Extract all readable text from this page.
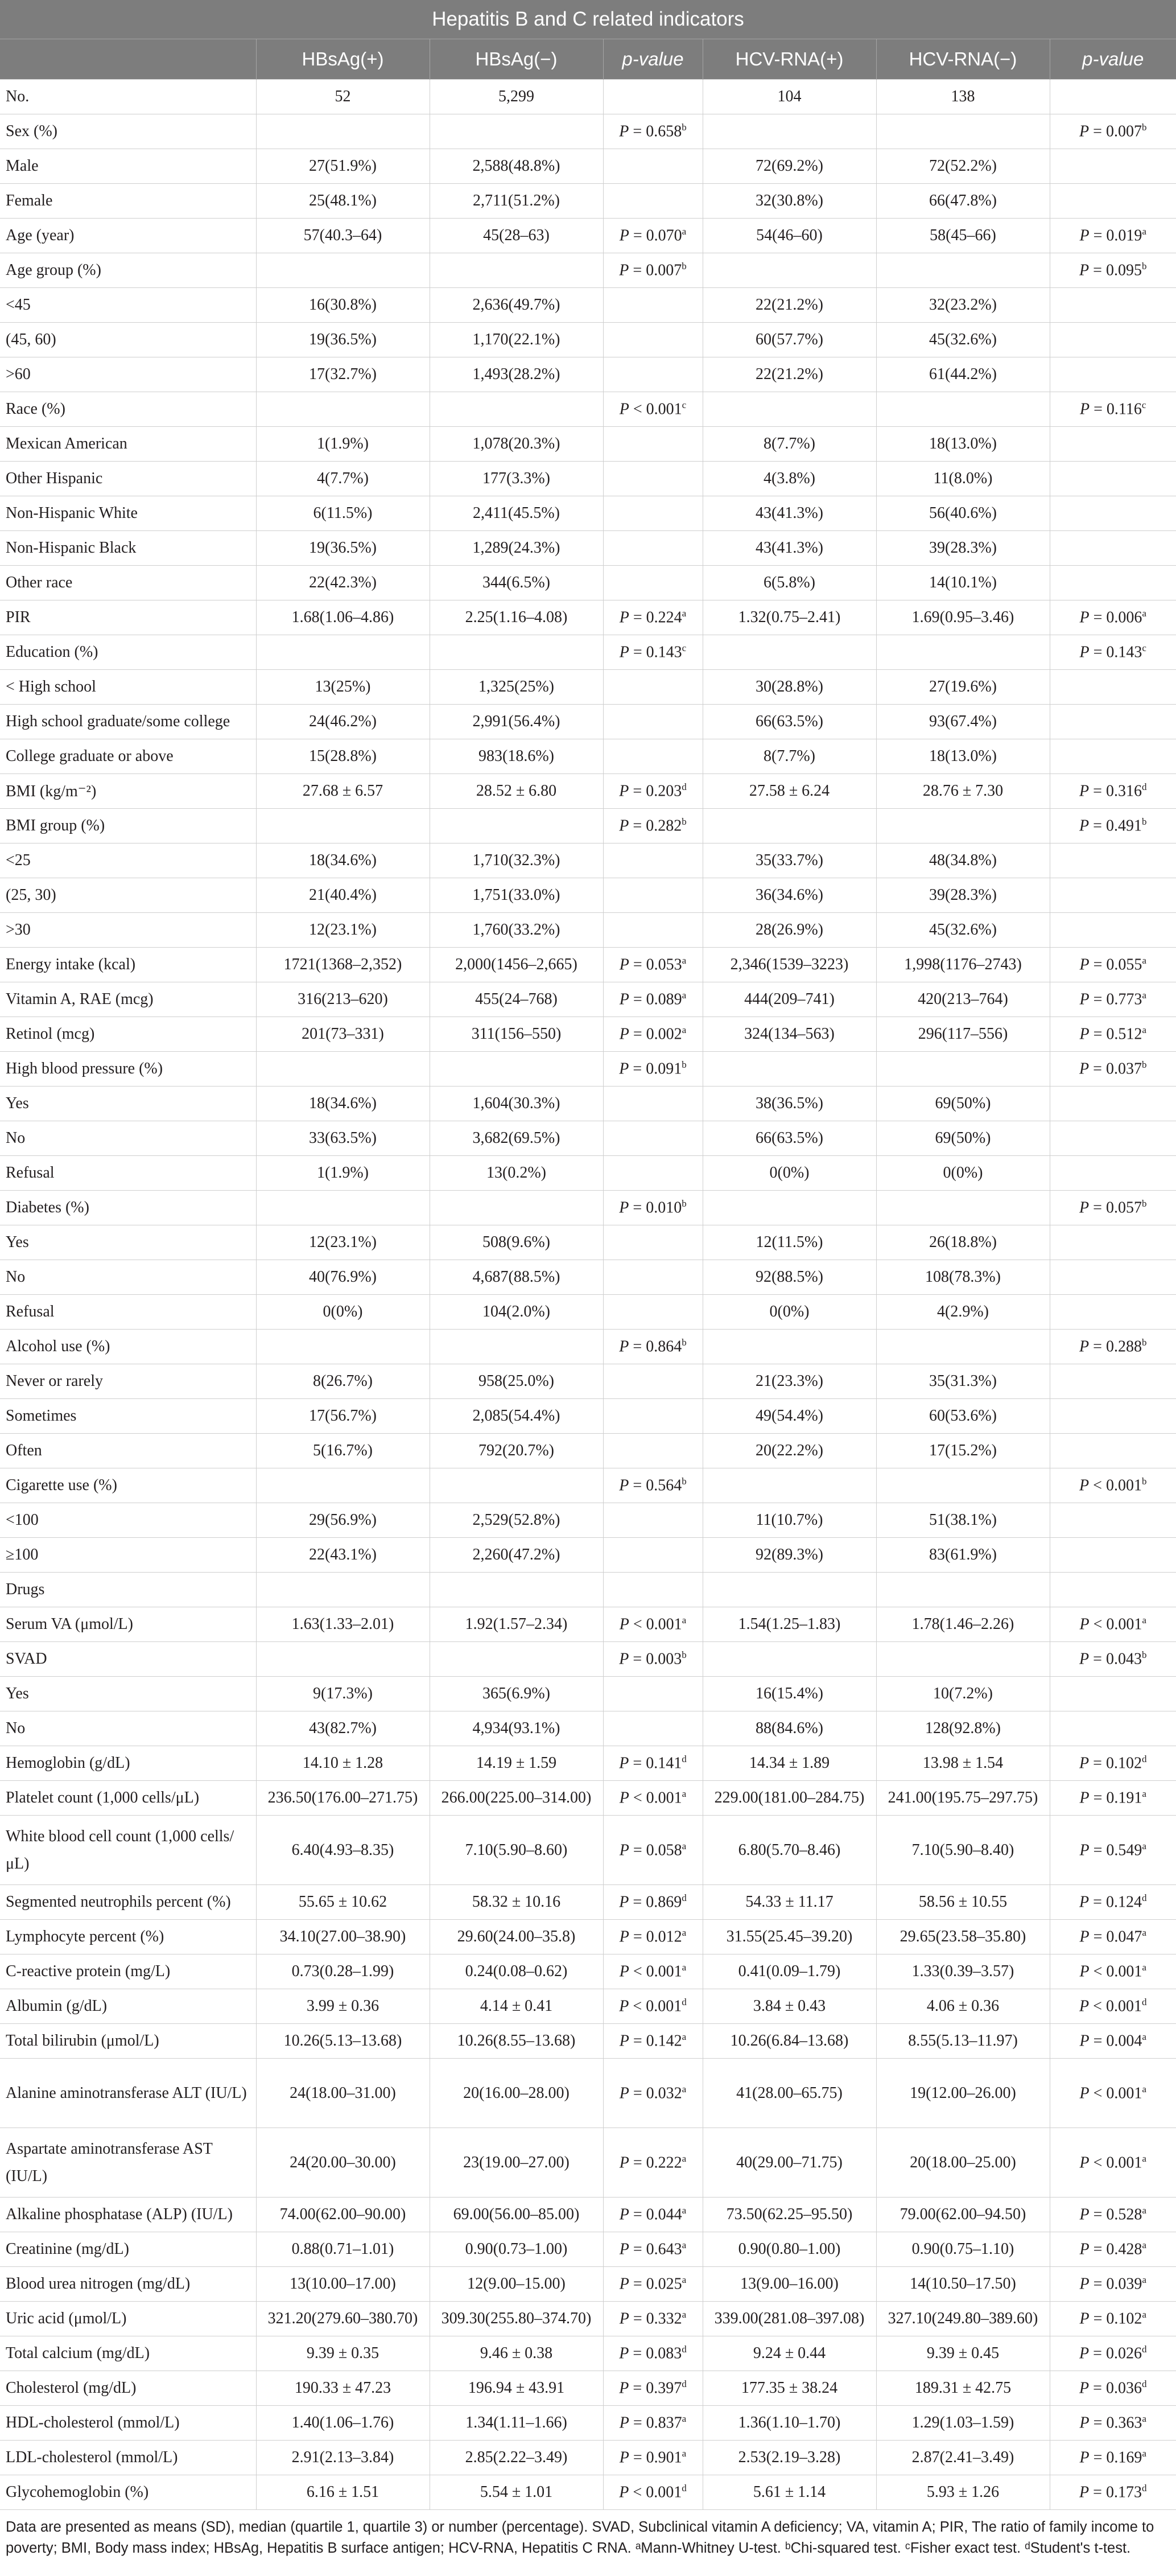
Hepatitis B and C related indicators						
	HBsAg(+)	HBsAg(−)	p-value	HCV-RNA(+)	HCV-RNA(−)	p-value
No.	52	5,299		104	138	
Sex (%)			P = 0.658$^b$			P = 0.007$^b$
Male	27(51.9%)	2,588(48.8%)		72(69.2%)	72(52.2%)	
Female	25(48.1%)	2,711(51.2%)		32(30.8%)	66(47.8%)	
Age (year)	57(40.3–64)	45(28–63)	P = 0.070$^a$	54(46–60)	58(45–66)	P = 0.019$^a$
Age group (%)			P = 0.007$^b$			P = 0.095$^b$
<45	16(30.8%)	2,636(49.7%)		22(21.2%)	32(23.2%)	
(45, 60)	19(36.5%)	1,170(22.1%)		60(57.7%)	45(32.6%)	
>60	17(32.7%)	1,493(28.2%)		22(21.2%)	61(44.2%)	
Race (%)			P < 0.001$^c$			P = 0.116$^c$
Mexican American	1(1.9%)	1,078(20.3%)		8(7.7%)	18(13.0%)	
Other Hispanic	4(7.7%)	177(3.3%)		4(3.8%)	11(8.0%)	
Non-Hispanic White	6(11.5%)	2,411(45.5%)		43(41.3%)	56(40.6%)	
Non-Hispanic Black	19(36.5%)	1,289(24.3%)		43(41.3%)	39(28.3%)	
Other race	22(42.3%)	344(6.5%)		6(5.8%)	14(10.1%)	
PIR	1.68(1.06–4.86)	2.25(1.16–4.08)	P = 0.224$^a$	1.32(0.75–2.41)	1.69(0.95–3.46)	P = 0.006$^a$
Education (%)			P = 0.143$^c$			P = 0.143$^c$
< High school	13(25%)	1,325(25%)		30(28.8%)	27(19.6%)	
High school graduate/some college	24(46.2%)	2,991(56.4%)		66(63.5%)	93(67.4%)	
College graduate or above	15(28.8%)	983(18.6%)		8(7.7%)	18(13.0%)	
BMI (kg/m⁻²)	27.68 ± 6.57	28.52 ± 6.80	P = 0.203$^d$	27.58 ± 6.24	28.76 ± 7.30	P = 0.316$^d$
BMI group (%)			P = 0.282$^b$			P = 0.491$^b$
<25	18(34.6%)	1,710(32.3%)		35(33.7%)	48(34.8%)	
(25, 30)	21(40.4%)	1,751(33.0%)		36(34.6%)	39(28.3%)	
>30	12(23.1%)	1,760(33.2%)		28(26.9%)	45(32.6%)	
Energy intake (kcal)	1721(1368–2,352)	2,000(1456–2,665)	P = 0.053$^a$	2,346(1539–3223)	1,998(1176–2743)	P = 0.055$^a$
Vitamin A, RAE (mcg)	316(213–620)	455(24–768)	P = 0.089$^a$	444(209–741)	420(213–764)	P = 0.773$^a$
Retinol (mcg)	201(73–331)	311(156–550)	P = 0.002$^a$	324(134–563)	296(117–556)	P = 0.512$^a$
High blood pressure (%)			P = 0.091$^b$			P = 0.037$^b$
Yes	18(34.6%)	1,604(30.3%)		38(36.5%)	69(50%)	
No	33(63.5%)	3,682(69.5%)		66(63.5%)	69(50%)	
Refusal	1(1.9%)	13(0.2%)		0(0%)	0(0%)	
Diabetes (%)			P = 0.010$^b$			P = 0.057$^b$
Yes	12(23.1%)	508(9.6%)		12(11.5%)	26(18.8%)	
No	40(76.9%)	4,687(88.5%)		92(88.5%)	108(78.3%)	
Refusal	0(0%)	104(2.0%)		0(0%)	4(2.9%)	
Alcohol use (%)			P = 0.864$^b$			P = 0.288$^b$
Never or rarely	8(26.7%)	958(25.0%)		21(23.3%)	35(31.3%)	
Sometimes	17(56.7%)	2,085(54.4%)		49(54.4%)	60(53.6%)	
Often	5(16.7%)	792(20.7%)		20(22.2%)	17(15.2%)	
Cigarette use (%)			P = 0.564$^b$			P < 0.001$^b$
<100	29(56.9%)	2,529(52.8%)		11(10.7%)	51(38.1%)	
≥100	22(43.1%)	2,260(47.2%)		92(89.3%)	83(61.9%)	
Drugs						
Serum VA (μmol/L)	1.63(1.33–2.01)	1.92(1.57–2.34)	P < 0.001$^a$	1.54(1.25–1.83)	1.78(1.46–2.26)	P < 0.001$^a$
SVAD			P = 0.003$^b$			P = 0.043$^b$
Yes	9(17.3%)	365(6.9%)		16(15.4%)	10(7.2%)	
No	43(82.7%)	4,934(93.1%)		88(84.6%)	128(92.8%)	
Hemoglobin (g/dL)	14.10 ± 1.28	14.19 ± 1.59	P = 0.141$^d$	14.34 ± 1.89	13.98 ± 1.54	P = 0.102$^d$
Platelet count (1,000 cells/μL)	236.50(176.00–271.75)	266.00(225.00–314.00)	P < 0.001$^a$	229.00(181.00–284.75)	241.00(195.75–297.75)	P = 0.191$^a$
White blood cell count (1,000 cells/μL)	6.40(4.93–8.35)	7.10(5.90–8.60)	P = 0.058$^a$	6.80(5.70–8.46)	7.10(5.90–8.40)	P = 0.549$^a$
Segmented neutrophils percent (%)	55.65 ± 10.62	58.32 ± 10.16	P = 0.869$^d$	54.33 ± 11.17	58.56 ± 10.55	P = 0.124$^d$
Lymphocyte percent (%)	34.10(27.00–38.90)	29.60(24.00–35.8)	P = 0.012$^a$	31.55(25.45–39.20)	29.65(23.58–35.80)	P = 0.047$^a$
C-reactive protein (mg/L)	0.73(0.28–1.99)	0.24(0.08–0.62)	P < 0.001$^a$	0.41(0.09–1.79)	1.33(0.39–3.57)	P < 0.001$^a$
Albumin (g/dL)	3.99 ± 0.36	4.14 ± 0.41	P < 0.001$^d$	3.84 ± 0.43	4.06 ± 0.36	P < 0.001$^d$
Total bilirubin (μmol/L)	10.26(5.13–13.68)	10.26(8.55–13.68)	P = 0.142$^a$	10.26(6.84–13.68)	8.55(5.13–11.97)	P = 0.004$^a$
Alanine aminotransferase ALT (IU/L)	24(18.00–31.00)	20(16.00–28.00)	P = 0.032$^a$	41(28.00–65.75)	19(12.00–26.00)	P < 0.001$^a$
Aspartate aminotransferase AST (IU/L)	24(20.00–30.00)	23(19.00–27.00)	P = 0.222$^a$	40(29.00–71.75)	20(18.00–25.00)	P < 0.001$^a$
Alkaline phosphatase (ALP) (IU/L)	74.00(62.00–90.00)	69.00(56.00–85.00)	P = 0.044$^a$	73.50(62.25–95.50)	79.00(62.00–94.50)	P = 0.528$^a$
Creatinine (mg/dL)	0.88(0.71–1.01)	0.90(0.73–1.00)	P = 0.643$^a$	0.90(0.80–1.00)	0.90(0.75–1.10)	P = 0.428$^a$
Blood urea nitrogen (mg/dL)	13(10.00–17.00)	12(9.00–15.00)	P = 0.025$^a$	13(9.00–16.00)	14(10.50–17.50)	P = 0.039$^a$
Uric acid (μmol/L)	321.20(279.60–380.70)	309.30(255.80–374.70)	P = 0.332$^a$	339.00(281.08–397.08)	327.10(249.80–389.60)	P = 0.102$^a$
Total calcium (mg/dL)	9.39 ± 0.35	9.46 ± 0.38	P = 0.083$^d$	9.24 ± 0.44	9.39 ± 0.45	P = 0.026$^d$
Cholesterol (mg/dL)	190.33 ± 47.23	196.94 ± 43.91	P = 0.397$^d$	177.35 ± 38.24	189.31 ± 42.75	P = 0.036$^d$
HDL-cholesterol (mmol/L)	1.40(1.06–1.76)	1.34(1.11–1.66)	P = 0.837$^a$	1.36(1.10–1.70)	1.29(1.03–1.59)	P = 0.363$^a$
LDL-cholesterol (mmol/L)	2.91(2.13–3.84)	2.85(2.22–3.49)	P = 0.901$^a$	2.53(2.19–3.28)	2.87(2.41–3.49)	P = 0.169$^a$
Glycohemoglobin (%)	6.16 ± 1.51	5.54 ± 1.01	P < 0.001$^d$	5.61 ± 1.14	5.93 ± 1.26	P = 0.173$^d$
Data are presented as means (SD), median (quartile 1, quartile 3) or number (percentage). SVAD, Subclinical vitamin A deficiency; VA, vitamin A; PIR, The ratio of family income to poverty; BMI, Body mass index; HBsAg, Hepatitis B surface antigen; HCV-RNA, Hepatitis C RNA. ᵃMann-Whitney U-test. ᵇChi-squared test. ᶜFisher exact test. ᵈStudent's t-test.
